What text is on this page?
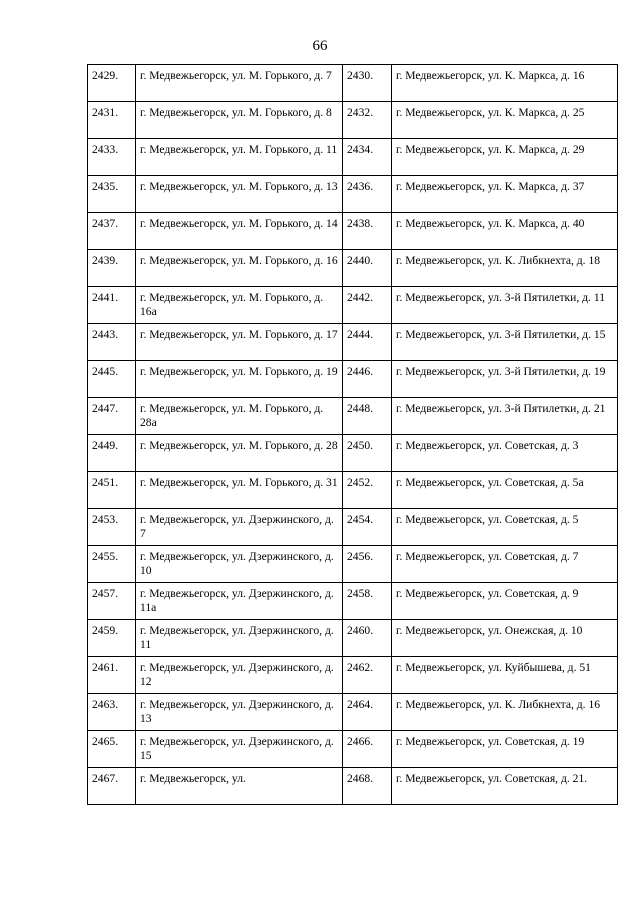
66
2429.	г. Медвежьегорск, ул. М. Горького, д. 7	2430.	г. Медвежьегорск, ул. К. Маркса, д. 16
2431.	г. Медвежьегорск, ул. М. Горького, д. 8	2432.	г. Медвежьегорск, ул. К. Маркса, д. 25
2433.	г. Медвежьегорск, ул. М. Горького, д. 11	2434.	г. Медвежьегорск, ул. К. Маркса, д. 29
2435.	г. Медвежьегорск, ул. М. Горького, д. 13	2436.	г. Медвежьегорск, ул. К. Маркса, д. 37
2437.	г. Медвежьегорск, ул. М. Горького, д. 14	2438.	г. Медвежьегорск, ул. К. Маркса, д. 40
2439.	г. Медвежьегорск, ул. М. Горького, д. 16	2440.	г. Медвежьегорск, ул. К. Либкнехта, д. 18
2441.	г. Медвежьегорск, ул. М. Горького, д. 16а	2442.	г. Медвежьегорск, ул. 3-й Пятилетки, д. 11
2443.	г. Медвежьегорск, ул. М. Горького, д. 17	2444.	г. Медвежьегорск, ул. 3-й Пятилетки, д. 15
2445.	г. Медвежьегорск, ул. М. Горького, д. 19	2446.	г. Медвежьегорск, ул. 3-й Пятилетки, д. 19
2447.	г. Медвежьегорск, ул. М. Горького, д. 28а	2448.	г. Медвежьегорск, ул. 3-й Пятилетки, д. 21
2449.	г. Медвежьегорск, ул. М. Горького, д. 28	2450.	г. Медвежьегорск, ул. Советская, д. 3
2451.	г. Медвежьегорск, ул. М. Горького, д. 31	2452.	г. Медвежьегорск, ул. Советская, д. 5а
2453.	г. Медвежьегорск, ул. Дзержинского, д. 7	2454.	г. Медвежьегорск, ул. Советская, д. 5
2455.	г. Медвежьегорск, ул. Дзержинского, д. 10	2456.	г. Медвежьегорск, ул. Советская, д. 7
2457.	г. Медвежьегорск, ул. Дзержинского, д. 11а	2458.	г. Медвежьегорск, ул. Советская, д. 9
2459.	г. Медвежьегорск, ул. Дзержинского, д. 11	2460.	г. Медвежьегорск, ул. Онежская, д. 10
2461.	г. Медвежьегорск, ул. Дзержинского, д. 12	2462.	г. Медвежьегорск, ул. Куйбышева, д. 51
2463.	г. Медвежьегорск, ул. Дзержинского, д. 13	2464.	г. Медвежьегорск, ул. К. Либкнехта, д. 16
2465.	г. Медвежьегорск, ул. Дзержинского, д. 15	2466.	г. Медвежьегорск, ул. Советская, д. 19
2467.	г. Медвежьегорск, ул.	2468.	г. Медвежьегорск, ул. Советская, д. 21.
